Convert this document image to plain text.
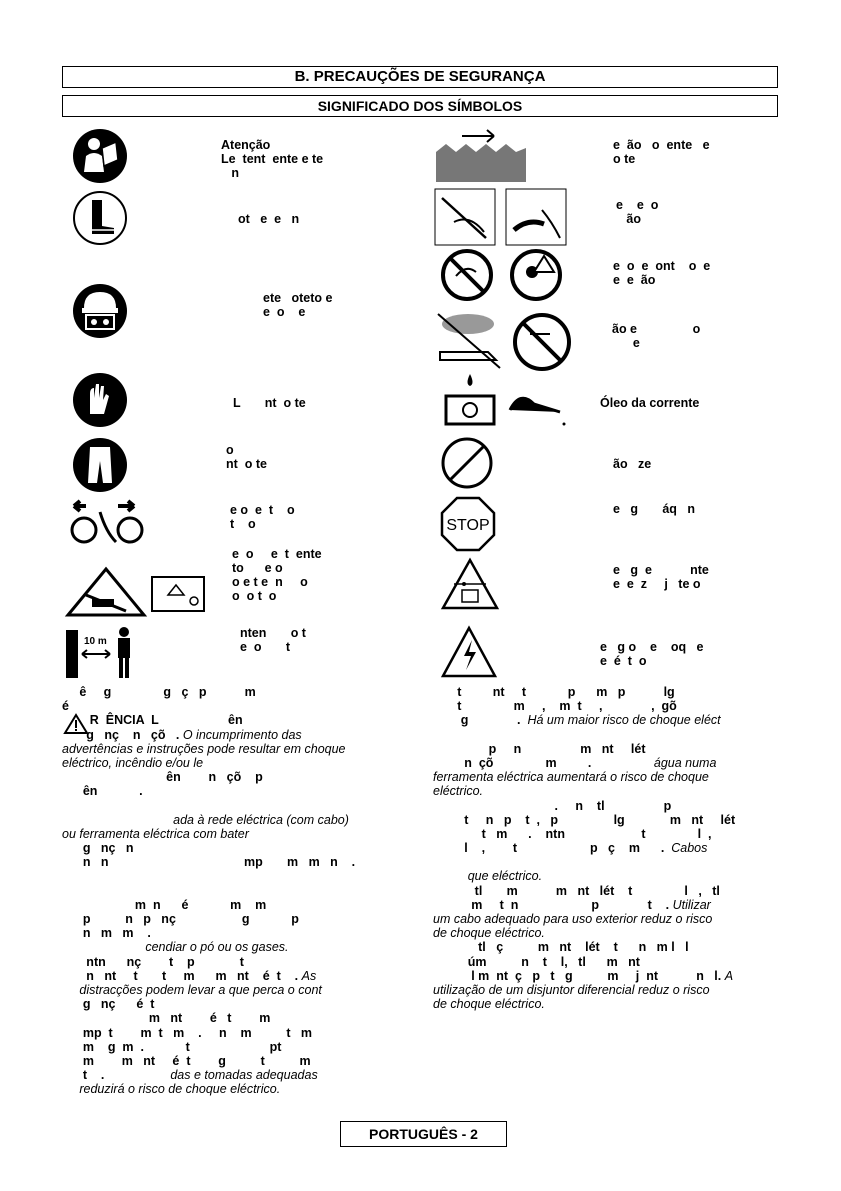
B. PRECAUÇÕES DE SEGURANÇA
SIGNIFICADO DOS SÍMBOLOS
Atenção
Le  tent  ente e te
n
ot   e  e   n
ete   oteto e
e  o    e
L       nt  o te
o
nt  o te
e o  e  t    o
t    o
e  o     e  t  ente
to      e o
o e t e  n     o
o  o t  o
10 m
nten       o t
e  o       t
e  ão   o  ente   e
o te
e    e  o
ão
e  o  e  ont    o  e
e  e  ão
ão e                o
e
Óleo da corrente
ão   ze
STOP
e   g       áq   n
e   g  e           nte
e  e  z     j   te o
e   g o    e    oq   e
e  é  t  o
ê     g               g   ç   p           m
é
R  ÊNCIA  L                    ên
g   nç    n   çõ   . O incumprimento das
advertências e instruções pode resultar em choque
eléctrico, incêndio e/ou le
ên        n   çõ    p
ên            .
ada à rede eléctrica (com cabo)
ou ferramenta eléctrica com bater
g   nç   n
n   n                                       mp       m   m   n    .
m  n      é            m    m
p          n   p   nç                   g            p
n   m   m    .
cendiar o pó ou os gases.
ntn      nç        t    p             t
n   nt     t       t     m      m   nt    é  t    . As
distracções podem levar a que perca o cont
g   nç      é  t
m   nt        é   t        m
mp  t        m  t   m    .     n    m          t   m
m    g  m  .            t                       pt
m        m   nt     é  t        g          t          m
t    .                   das e tomadas adequadas
reduzirá o risco de choque eléctrico.
t         nt     t            p      m   p           lg
t               m     ,    m  t     ,              ,  gõ
g              .  Há um maior risco de choque eléct
p     n                 m   nt     lét
n  çõ               m         .                  água numa
ferramenta eléctrica aumentará o risco de choque
eléctrico.
.     n    tl                 p
t     n   p    t  ,   p                lg             m   nt     lét
t   m      .    ntn                      t               l  ,
l    ,        t                     p   ç    m      .  Cabos
que eléctrico.
tl       m           m   nt   lét    t               l   ,   tl
m     t  n                     p              t    . Utilizar
um cabo adequado para uso exterior reduz o risco
de choque eléctrico.
tl   ç          m   nt    lét    t      n   m l   l
úm          n    t    l,   tl      m   nt
l m  nt  ç   p   t   g          m     j  nt           n   l. A
utilização de um disjuntor diferencial reduz o risco
de choque eléctrico.
PORTUGUÊS - 2
